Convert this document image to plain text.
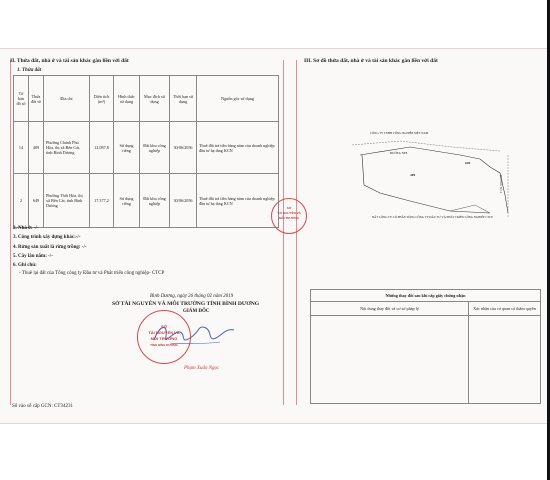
II. Thửa đất, nhà ở và tài sản khác gắn liền với đất
1. Thửa đất
Tờ bản đồ số	Thửa đất số	Địa chỉ	Diện tích (m²)	Hình thức sử dụng	Mục đích sử dụng	Thời hạn sử dụng	Nguồn gốc sử dụng
14	409	Phường Chánh Phú Hòa, thị xã Bến Cát, tỉnh Bình Dương	12.087,8	Sử dụng riêng	Đất khu công nghiệp	30/06/2056	Thuê đất trả tiền hàng năm của doanh nghiệp đầu tư hạ tầng KCN
2	649	Phường Thới Hòa, thị xã Bến Cát, tỉnh Bình Dương	17.377,2	Sử dụng riêng	Đất khu công nghiệp	30/06/2056	Thuê đất trả tiền hàng năm của doanh nghiệp đầu tư hạ tầng KCN
2. Nhà ở: -/-
3. Công trình xây dựng khác:-/-
4. Rừng sản xuất là rừng trồng: -/-
5. Cây lâu năm: -/-
6. Ghi chú:
- Thuê lại đất của Tổng công ty Đầu tư và Phát triển công nghiệp- CTCP
Bình Dương, ngày 26 tháng 02 năm 2019
SỞ TÀI NGUYÊN VÀ MÔI TRƯỜNG TỈNH BÌNH DƯƠNG
GIÁM ĐỐC
Phạm Xuân Ngọc
Số vào sổ cấp GCN: CT34231
SỞ
TÀI NGUYÊN VÀ
MÔI TRƯỜNG
TỈNH BÌNH DƯƠNG
SỞ
TÀI NGUYÊN VÀ
MÔI TRƯỜNG
III. Sơ đồ thửa đất, nhà ở và tài sản khác gắn liền với đất
CÔNG TY TNHH CÔNG NGHIỆP NIỆT NAM
ĐƯỜNG NE8
409
649
ĐƯỜNG SỐ 4
ĐẤT CÔNG TY CỔ PHẦN TỔNG CÔNG TY ĐẦU TƯ VÀ PHÁT TRIỂN CÔNG NGHIỆP CTCP
Những thay đổi sau khi cấp giấy chứng nhận	
Nội dung thay đổi và cơ sở pháp lý	Xác nhận của cơ quan có thẩm quyền
